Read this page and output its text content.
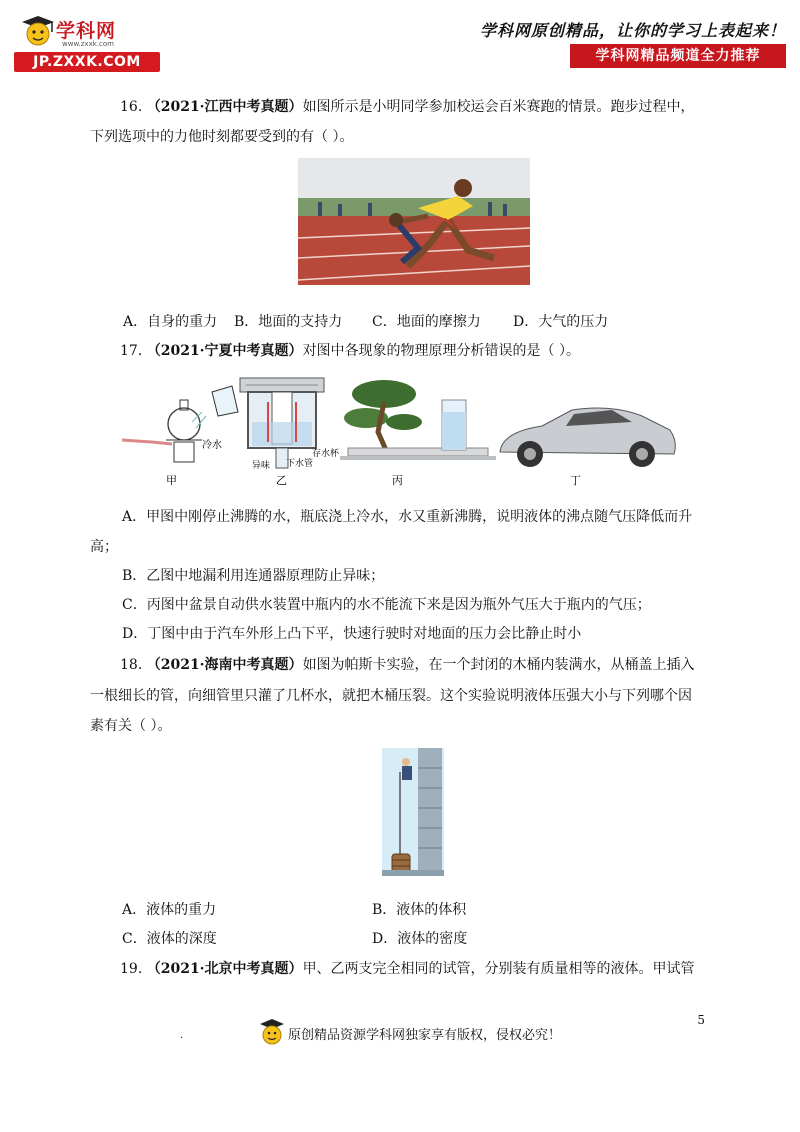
学科网
www.zxxk.com
JP.ZXXK.COM
学科网原创精品，让你的学习上表起来！
学科网精品频道全力推荐
16. （2021·江西中考真题）如图所示是小明同学参加校运会百米赛跑的情景。跑步过程中，
下列选项中的力他时刻都要受到的有（ ）。
A．自身的重力 B．地面的支持力 C．地面的摩擦力 D．大气的压力
17. （2021·宁夏中考真题）对图中各现象的物理原理分析错误的是（ ）。
冷水
存水杯
异味 下水管
甲	乙	丙	丁
A．甲图中刚停止沸腾的水，瓶底浇上冷水，水又重新沸腾，说明液体的沸点随气压降低而升
高；
B．乙图中地漏利用连通器原理防止异味；
C．丙图中盆景自动供水装置中瓶内的水不能流下来是因为瓶外气压大于瓶内的气压；
D．丁图中由于汽车外形上凸下平，快速行驶时对地面的压力会比静止时小
18. （2021·海南中考真题）如图为帕斯卡实验，在一个封闭的木桶内装满水，从桶盖上插入
一根细长的管，向细管里只灌了几杯水，就把木桶压裂。这个实验说明液体压强大小与下列哪个因
素有关（ ）。
A．液体的重力	B．液体的体积
C．液体的深度	D．液体的密度
19. （2021·北京中考真题）甲、乙两支完全相同的试管，分别装有质量相等的液体。甲试管
5
.	原创精品资源学科网独家享有版权，侵权必究！
